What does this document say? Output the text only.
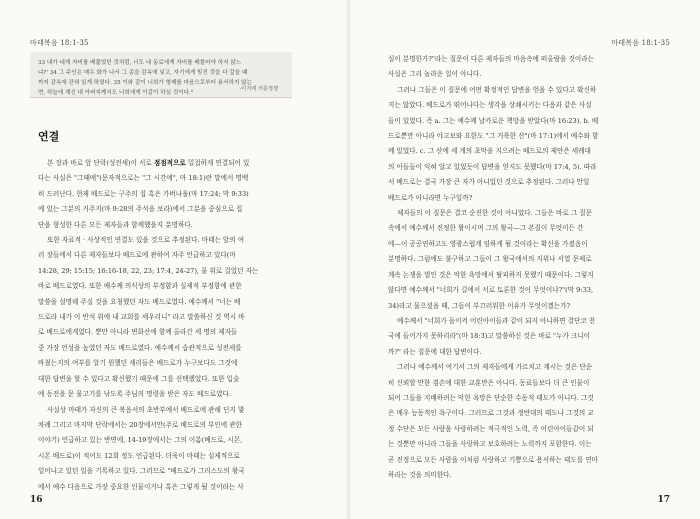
마태복음 18:1-35

33 내가 네게 자비를 베풂었던 것처럼, 너도 네 동료에게 자비를 베풀어야 하지 않느
냐?' 34 그 주인은 매우 화가 나서 그 종을 감옥에 넣고, 자기에게 빚진 것을 다 갚을 때
까지 감옥에 갇혀 있게 하였다. 35 이와 같이 너희가 형제를 마음으로부터 용서하지 않는
면, 하늘에 계신 내 아버지께서도 너희에게 이같이 하실 것이다."

-이지에 의문정쟁
연결
본 장과 바로 앞 단락(성전세)이 서로 점점적으로 밀접하게 연결되어 있
다는 사실은 "그때에"(문자적으로는 "그 시간에", 마 18:1)란 말에서 명백
히 드러난다. 현재 베드로는 구주의 집 혹은 가버나움(마 17:24; 막 9:33)
에 있는 그분의 거주지(마 9:28의 주석을 보라)에서 그분을 중심으로 집
단을 형성한 다른 모든 제자들과 함께했을지 분명하다.
또한 자료적 · 사상적인 연결도 있을 것으로 추정된다. 마태는 앞의 여
러 장들에서 다른 제자들보다 베드로에 관하여 자주 언급하고 있다(마
14:28, 29; 15:15; 16:16-18, 22, 23; 17:4, 24-27), 물 위로 걸었던 자는
바로 베드로였다. 또한 예수께 의식상의 부정함과 실제적 부정함에 관한
말씀을 설명해 주실 것을 요청했던 자도 베드로였다. 예수께서 "너는 베
드로라 내가 이 반석 위에 내 교회를 세우리니" 라고 말씀하신 것 역시 바
로 베드로에게였다. 뿐만 아니라 변화산에 함께 올라간 세 명의 제자들
중 가장 언성을 높였던 자도 베드로였다. 예수께서 습관적으로 성전세를
바쳤는지의 여부를 알기 원했던 세리들은 베드로가 누구보다도 그것에
대한 답변을 할 수 있다고 확신했기 때문에 그를 선택했었다. 또한 입술
에 동전을 문 물고기를 낚도록 주님의 명령을 받은 자도 베드로였다.
사실상 마태가 자신의 큰 복음서의 초반부에서 베드로에 관해 딘지 몇
차례 그리고 마지막 단락에서는 20장에서만(주로 베드로의 부인에 관한
이야기) 언급하고 있는 반면에, 14-19장에서는 그의 이름(베드로, 시몬,
시몬 베드로)이 적어도 12회 정도 언급된다. 더욱이 마태는 실제적으로
일어나고 있던 일을 기록하고 있다. 그러므로 "베드로가 그리스도의 왕국
에서 예수 다음으로 가장 중요한 인물이거나 혹은 그렇게 될 것이라는 사
16
마태복음 18:1-35
실이 분명한가?"라는 질문이 다른 제자들의 마음속에 떠올랐을 것이라는
사실은 그리 놀라운 일이 아니다.
그러나 그들은 이 질문에 어떤 확정적인 답변을 얻을 수 있다고 확신하
지는 않았다. 베드로가 뛰어나다는 생각을 상쇄시키는 다음과 같은 사실
들이 있었다. 즉 a. 그는 예수께 날카로운 책망을 받았다(마 16:23). b. 베
드로뿐만 아니라 야고보와 요한도 "그 거룩한 산"(마 17:1)에서 예수와 함
께 있었다. c. 그 산에 세 개의 초막을 지으려는 베드로의 제안은 세례대
의 아들들이 익혀 알고 있었듯이 답변을 얻지도 못했다(마 17:4, 5). 따라
서 베드로는 결국 가장 큰 자가 아니었던 것으로 추정된다. 그러나 만일
베드로가 아니라면 누구일까?
제자들의 이 질문은 결코 순진한 것이 아니었다. 그들은 바로 그 질문
속에서 예수께서 진정한 왕이시며 그의 왕국—그 본질이 무엇이든 간
에—이 공공연하고도 영광스럽게 임하게 될 것이라는 확신을 가졌음이
분명하다. 그럼에도 불구하고 그들이 그 왕국에서의 지위나 서열 문제로
계속 논쟁을 벌인 것은 악한 욕망에서 탈피하지 못했기 때문이다. 그렇지
않다면 예수께서 "너희가 길에서 서로 토론한 것이 무엇이냐?"(막 9:33,
34)라고 물으셨을 때, 그들이 부끄러워한 이유가 무엇이겠는가?
예수께서 "너희가 돌이켜 어린아이들과 같이 되지 아니하면 결단코 천
국에 들어가지 못하리라"(마 18:3)고 말씀하신 것은 바로 "누가 크니이
까?" 라는 질문에 대한 답변이다.
그러나 예수께서 여기서 그의 제자들에게 가르치고 계시는 것은 단순
히 신뢰할 만한 겸손에 대한 교훈만은 아니다. 동료들보다 더 큰 인물이
되어 그들을 지배하려는 악한 욕망은 단순한 수동적 태도가 아니다. 그것
은 매우 능동적인 욕구이다. 그러므로 그것과 정반대의 태도나 그것의 교
정 수단은 모든 사람을 사랑하려는 적극적인 노력, 즉 어린아이들같이 되
는 것뿐만 아니라 그들을 사랑하고 보호하려는 노력까지 포함한다. 이는
곧 진정으로 모든 사람을 이처럼 사랑하고 기쁨으로 용서하는 태도를 연마
하라는 것을 의미한다.
17
